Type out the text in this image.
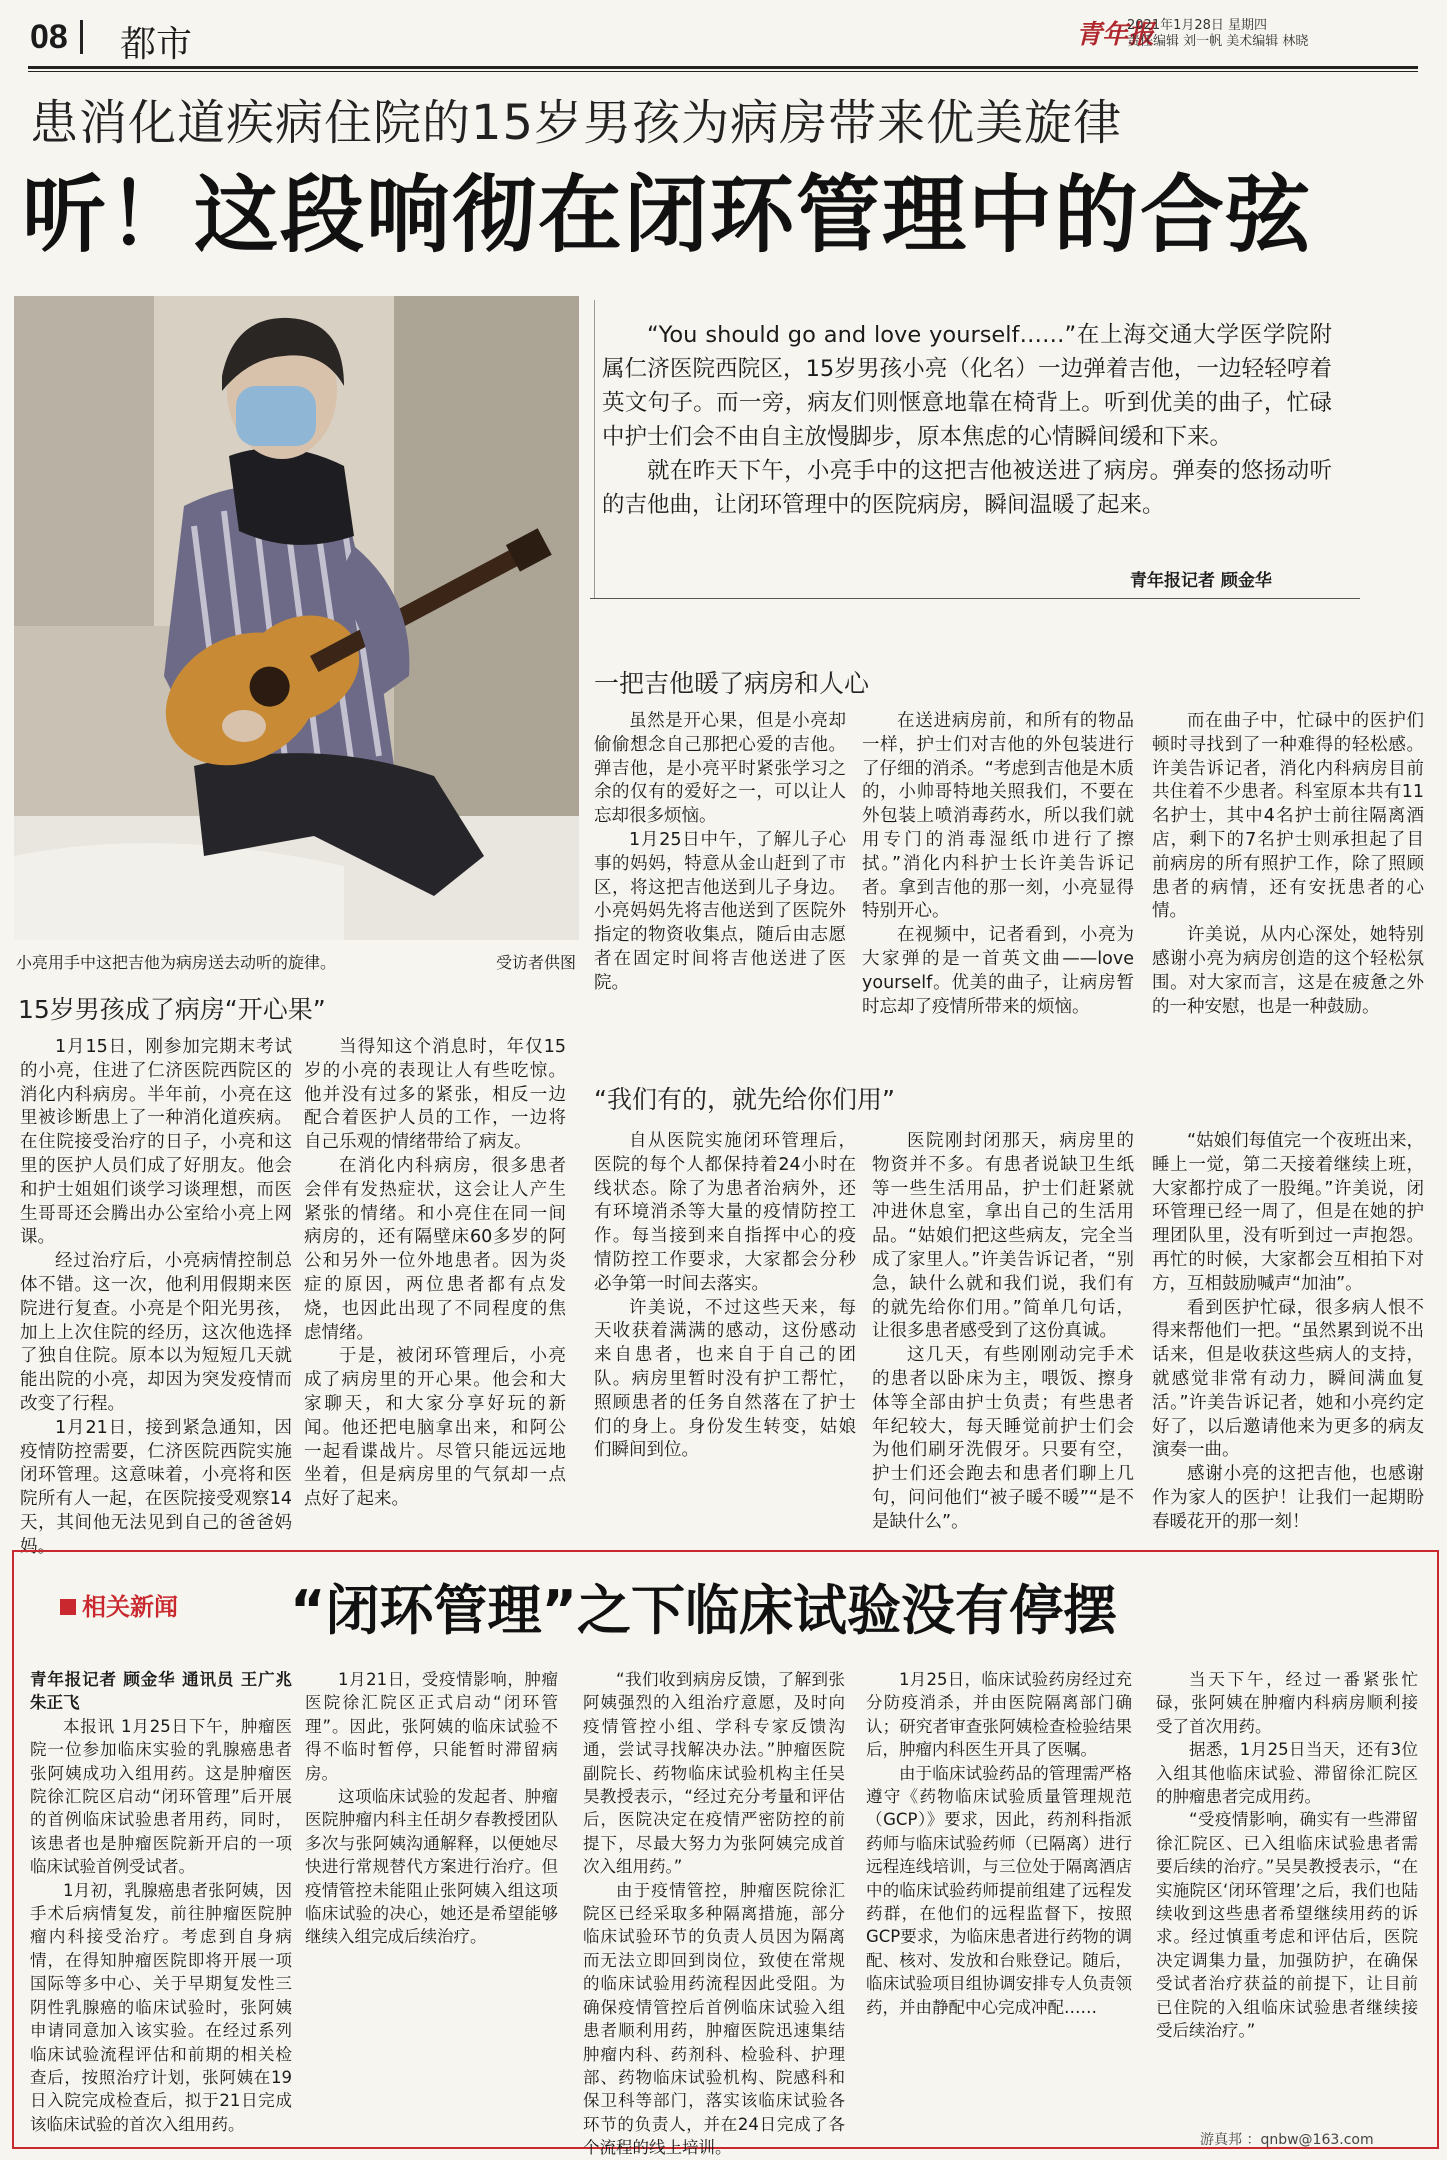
08	都市	青年报
2021年1月28日 星期四
责任编辑 刘一帆 美术编辑 林晓
患消化道疾病住院的15岁男孩为病房带来优美旋律
听！这段响彻在闭环管理中的合弦
小亮用手中这把吉他为病房送去动听的旋律。	受访者供图

“You should go and love yourself……”在上海交通大学医学院附属仁济医院西院区，15岁男孩小亮（化名）一边弹着吉他，一边轻轻哼着英文句子。而一旁，病友们则惬意地靠在椅背上。听到优美的曲子，忙碌中护士们会不由自主放慢脚步，原本焦虑的心情瞬间缓和下来。

就在昨天下午，小亮手中的这把吉他被送进了病房。弹奏的悠扬动听的吉他曲，让闭环管理中的医院病房，瞬间温暖了起来。

青年报记者 顾金华
15岁男孩成了病房“开心果”

1月15日，刚参加完期末考试的小亮，住进了仁济医院西院区的消化内科病房。半年前，小亮在这里被诊断患上了一种消化道疾病。在住院接受治疗的日子，小亮和这里的医护人员们成了好朋友。他会和护士姐姐们谈学习谈理想，而医生哥哥还会腾出办公室给小亮上网课。

经过治疗后，小亮病情控制总体不错。这一次，他利用假期来医院进行复查。小亮是个阳光男孩，加上上次住院的经历，这次他选择了独自住院。原本以为短短几天就能出院的小亮，却因为突发疫情而改变了行程。

1月21日，接到紧急通知，因疫情防控需要，仁济医院西院实施闭环管理。这意味着，小亮将和医院所有人一起，在医院接受观察14天，其间他无法见到自己的爸爸妈妈。

当得知这个消息时，年仅15岁的小亮的表现让人有些吃惊。他并没有过多的紧张，相反一边配合着医护人员的工作，一边将自己乐观的情绪带给了病友。

在消化内科病房，很多患者会伴有发热症状，这会让人产生紧张的情绪。和小亮住在同一间病房的，还有隔壁床60多岁的阿公和另外一位外地患者。因为炎症的原因，两位患者都有点发烧，也因此出现了不同程度的焦虑情绪。

于是，被闭环管理后，小亮成了病房里的开心果。他会和大家聊天，和大家分享好玩的新闻。他还把电脑拿出来，和阿公一起看谍战片。尽管只能远远地坐着，但是病房里的气氛却一点点好了起来。

一把吉他暖了病房和人心

虽然是开心果，但是小亮却偷偷想念自己那把心爱的吉他。弹吉他，是小亮平时紧张学习之余的仅有的爱好之一，可以让人忘却很多烦恼。

1月25日中午，了解儿子心事的妈妈，特意从金山赶到了市区，将这把吉他送到儿子身边。小亮妈妈先将吉他送到了医院外指定的物资收集点，随后由志愿者在固定时间将吉他送进了医院。

在送进病房前，和所有的物品一样，护士们对吉他的外包装进行了仔细的消杀。“考虑到吉他是木质的，小帅哥特地关照我们，不要在外包装上喷消毒药水，所以我们就用专门的消毒湿纸巾进行了擦拭。”消化内科护士长许美告诉记者。拿到吉他的那一刻，小亮显得特别开心。

在视频中，记者看到，小亮为大家弹的是一首英文曲——love yourself。优美的曲子，让病房暂时忘却了疫情所带来的烦恼。

而在曲子中，忙碌中的医护们顿时寻找到了一种难得的轻松感。许美告诉记者，消化内科病房目前共住着不少患者。科室原本共有11名护士，其中4名护士前往隔离酒店，剩下的7名护士则承担起了目前病房的所有照护工作，除了照顾患者的病情，还有安抚患者的心情。

许美说，从内心深处，她特别感谢小亮为病房创造的这个轻松氛围。对大家而言，这是在疲惫之外的一种安慰，也是一种鼓励。

“我们有的，就先给你们用”

自从医院实施闭环管理后，医院的每个人都保持着24小时在线状态。除了为患者治病外，还有环境消杀等大量的疫情防控工作。每当接到来自指挥中心的疫情防控工作要求，大家都会分秒必争第一时间去落实。

许美说，不过这些天来，每天收获着满满的感动，这份感动来自患者，也来自于自己的团队。病房里暂时没有护工帮忙，照顾患者的任务自然落在了护士们的身上。身份发生转变，姑娘们瞬间到位。

医院刚封闭那天，病房里的物资并不多。有患者说缺卫生纸等一些生活用品，护士们赶紧就冲进休息室，拿出自己的生活用品。“姑娘们把这些病友，完全当成了家里人。”许美告诉记者，“别急，缺什么就和我们说，我们有的就先给你们用。”简单几句话，让很多患者感受到了这份真诚。

这几天，有些刚刚动完手术的患者以卧床为主，喂饭、擦身体等全部由护士负责；有些患者年纪较大，每天睡觉前护士们会为他们刷牙洗假牙。只要有空，护士们还会跑去和患者们聊上几句，问问他们“被子暖不暖”“是不是缺什么”。

“姑娘们每值完一个夜班出来，睡上一觉，第二天接着继续上班，大家都拧成了一股绳。”许美说，闭环管理已经一周了，但是在她的护理团队里，没有听到过一声抱怨。再忙的时候，大家都会互相拍下对方，互相鼓励喊声“加油”。

看到医护忙碌，很多病人恨不得来帮他们一把。“虽然累到说不出话来，但是收获这些病人的支持，就感觉非常有动力，瞬间满血复活。”许美告诉记者，她和小亮约定好了，以后邀请他来为更多的病友演奏一曲。

感谢小亮的这把吉他，也感谢作为家人的医护！让我们一起期盼春暖花开的那一刻！

相关新闻 “闭环管理”之下临床试验没有停摆

青年报记者 顾金华 通讯员 王广兆 朱正飞

本报讯 1月25日下午，肿瘤医院一位参加临床实验的乳腺癌患者张阿姨成功入组用药。这是肿瘤医院徐汇院区启动“闭环管理”后开展的首例临床试验患者用药，同时，该患者也是肿瘤医院新开启的一项临床试验首例受试者。

1月初，乳腺癌患者张阿姨，因手术后病情复发，前往肿瘤医院肿瘤内科接受治疗。考虑到自身病情，在得知肿瘤医院即将开展一项国际等多中心、关于早期复发性三阴性乳腺癌的临床试验时，张阿姨申请同意加入该实验。在经过系列临床试验流程评估和前期的相关检查后，按照治疗计划，张阿姨在19日入院完成检查后，拟于21日完成该临床试验的首次入组用药。

1月21日，受疫情影响，肿瘤医院徐汇院区正式启动“闭环管理”。因此，张阿姨的临床试验不得不临时暂停，只能暂时滞留病房。

这项临床试验的发起者、肿瘤医院肿瘤内科主任胡夕春教授团队多次与张阿姨沟通解释，以便她尽快进行常规替代方案进行治疗。但疫情管控未能阻止张阿姨入组这项临床试验的决心，她还是希望能够继续入组完成后续治疗。

“我们收到病房反馈，了解到张阿姨强烈的入组治疗意愿，及时向疫情管控小组、学科专家反馈沟通，尝试寻找解决办法。”肿瘤医院副院长、药物临床试验机构主任吴昊教授表示，“经过充分考量和评估后，医院决定在疫情严密防控的前提下，尽最大努力为张阿姨完成首次入组用药。”

由于疫情管控，肿瘤医院徐汇院区已经采取多种隔离措施，部分临床试验环节的负责人员因为隔离而无法立即回到岗位，致使在常规的临床试验用药流程因此受阻。为确保疫情管控后首例临床试验入组患者顺利用药，肿瘤医院迅速集结肿瘤内科、药剂科、检验科、护理部、药物临床试验机构、院感科和保卫科等部门，落实该临床试验各环节的负责人，并在24日完成了各个流程的线上培训。

1月25日，临床试验药房经过充分防疫消杀，并由医院隔离部门确认；研究者审查张阿姨检查检验结果后，肿瘤内科医生开具了医嘱。

由于临床试验药品的管理需严格遵守《药物临床试验质量管理规范（GCP）》要求，因此，药剂科指派药师与临床试验药师（已隔离）进行远程连线培训，与三位处于隔离酒店中的临床试验药师提前组建了远程发药群，在他们的远程监督下，按照GCP要求，为临床患者进行药物的调配、核对、发放和台账登记。随后，临床试验项目组协调安排专人负责领药，并由静配中心完成冲配……

当天下午，经过一番紧张忙碌，张阿姨在肿瘤内科病房顺利接受了首次用药。

据悉，1月25日当天，还有3位入组其他临床试验、滞留徐汇院区的肿瘤患者完成用药。

“受疫情影响，确实有一些滞留徐汇院区、已入组临床试验患者需要后续的治疗。”吴昊教授表示，“在实施院区‘闭环管理’之后，我们也陆续收到这些患者希望继续用药的诉求。经过慎重考虑和评估后，医院决定调集力量，加强防护，在确保受试者治疗获益的前提下，让目前已住院的入组临床试验患者继续接受后续治疗。”

游真邦 ：qnbw@163.com
